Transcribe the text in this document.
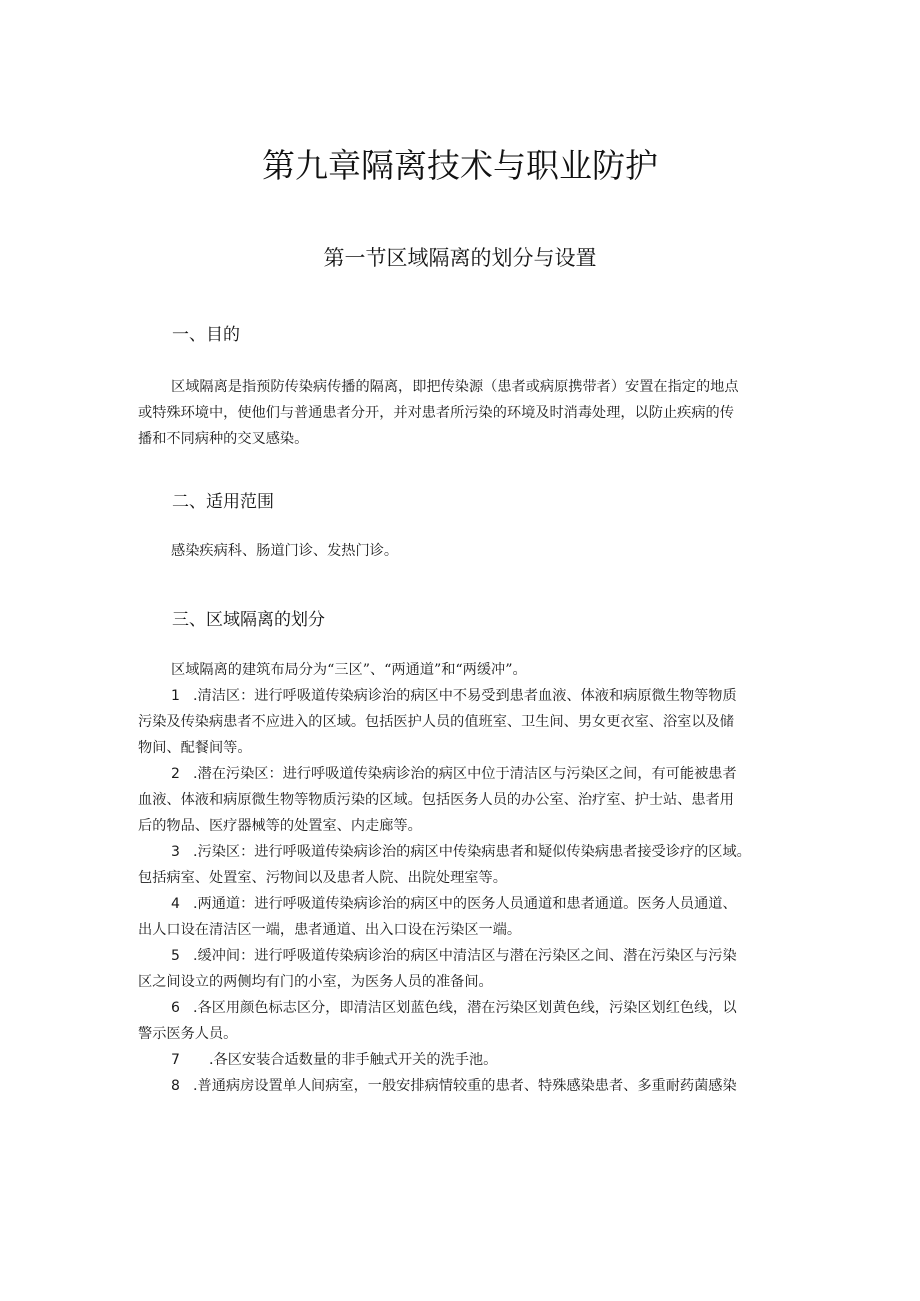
第九章隔离技术与职业防护
第一节区域隔离的划分与设置
一、目的
区域隔离是指预防传染病传播的隔离，即把传染源（患者或病原携带者）安置在指定的地点
或特殊环境中，使他们与普通患者分开，并对患者所污染的环境及时消毒处理，以防止疾病的传
播和不同病种的交叉感染。
二、适用范围
感染疾病科、肠道门诊、发热门诊。
三、区域隔离的划分
区域隔离的建筑布局分为“三区”、“两通道”和“两缓冲”。
1 .清洁区：进行呼吸道传染病诊治的病区中不易受到患者血液、体液和病原微生物等物质
污染及传染病患者不应进入的区域。包括医护人员的值班室、卫生间、男女更衣室、浴室以及储
物间、配餐间等。
2 .潜在污染区：进行呼吸道传染病诊治的病区中位于清洁区与污染区之间，有可能被患者
血液、体液和病原微生物等物质污染的区域。包括医务人员的办公室、治疗室、护士站、患者用
后的物品、医疗器械等的处置室、内走廊等。
3 .污染区：进行呼吸道传染病诊治的病区中传染病患者和疑似传染病患者接受诊疗的区域。
包括病室、处置室、污物间以及患者人院、出院处理室等。
4 .两通道：进行呼吸道传染病诊治的病区中的医务人员通道和患者通道。医务人员通道、
出人口设在清洁区一端，患者通道、出入口设在污染区一端。
5 .缓冲间：进行呼吸道传染病诊治的病区中清洁区与潜在污染区之间、潜在污染区与污染
区之间设立的两侧均有门的小室，为医务人员的准备间。
6 .各区用颜色标志区分，即清洁区划蓝色线，潜在污染区划黄色线，污染区划红色线，以
警示医务人员。
7 .各区安装合适数量的非手触式开关的洗手池。
8 .普通病房设置单人间病室，一般安排病情较重的患者、特殊感染患者、多重耐药菌感染
